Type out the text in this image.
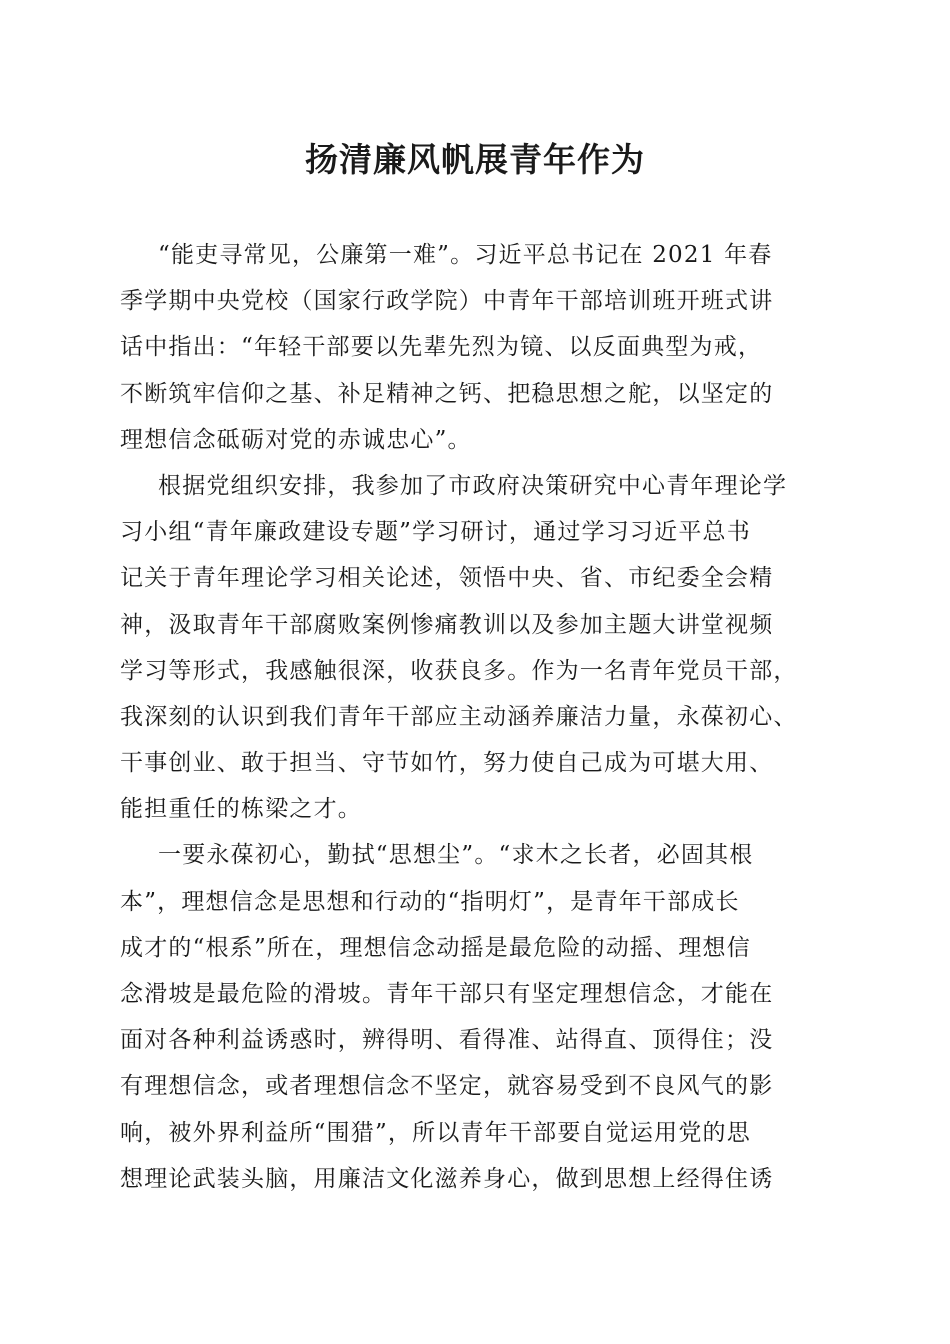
扬清廉风帆展青年作为
“能吏寻常见，公廉第一难”。习近平总书记在 2021 年春
季学期中央党校（国家行政学院）中青年干部培训班开班式讲
话中指出：“年轻干部要以先辈先烈为镜、以反面典型为戒，
不断筑牢信仰之基、补足精神之钙、把稳思想之舵，以坚定的
理想信念砥砺对党的赤诚忠心”。
根据党组织安排，我参加了市政府决策研究中心青年理论学
习小组“青年廉政建设专题”学习研讨，通过学习习近平总书
记关于青年理论学习相关论述，领悟中央、省、市纪委全会精
神，汲取青年干部腐败案例惨痛教训以及参加主题大讲堂视频
学习等形式，我感触很深，收获良多。作为一名青年党员干部，
我深刻的认识到我们青年干部应主动涵养廉洁力量，永葆初心、
干事创业、敢于担当、守节如竹，努力使自己成为可堪大用、
能担重任的栋梁之才。
一要永葆初心，勤拭“思想尘”。“求木之长者，必固其根
本”，理想信念是思想和行动的“指明灯”，是青年干部成长
成才的“根系”所在，理想信念动摇是最危险的动摇、理想信
念滑坡是最危险的滑坡。青年干部只有坚定理想信念，才能在
面对各种利益诱惑时，辨得明、看得准、站得直、顶得住；没
有理想信念，或者理想信念不坚定，就容易受到不良风气的影
响，被外界利益所“围猎”，所以青年干部要自觉运用党的思
想理论武装头脑，用廉洁文化滋养身心，做到思想上经得住诱
